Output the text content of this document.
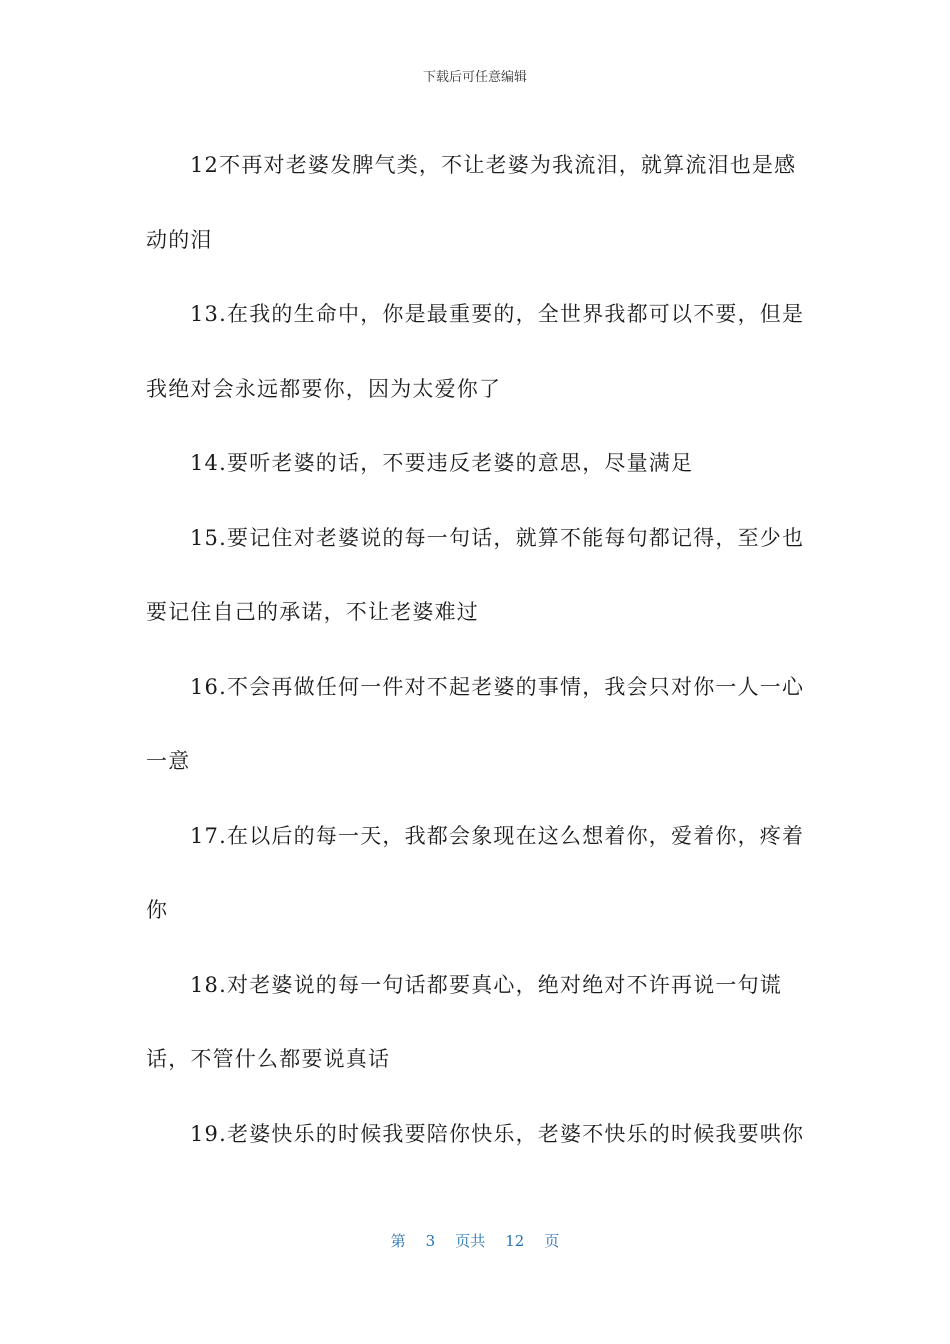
下载后可任意编辑

12不再对老婆发脾气类，不让老婆为我流泪，就算流泪也是感动的泪

13.在我的生命中，你是最重要的，全世界我都可以不要，但是我绝对会永远都要你，因为太爱你了

14.要听老婆的话，不要违反老婆的意思，尽量满足

15.要记住对老婆说的每一句话，就算不能每句都记得，至少也要记住自己的承诺，不让老婆难过

16.不会再做任何一件对不起老婆的事情，我会只对你一人一心一意

17.在以后的每一天，我都会象现在这么想着你，爱着你，疼着你

18.对老婆说的每一句话都要真心，绝对绝对不许再说一句谎话，不管什么都要说真话

19.老婆快乐的时候我要陪你快乐，老婆不快乐的时候我要哄你

第 3 页共 12 页
